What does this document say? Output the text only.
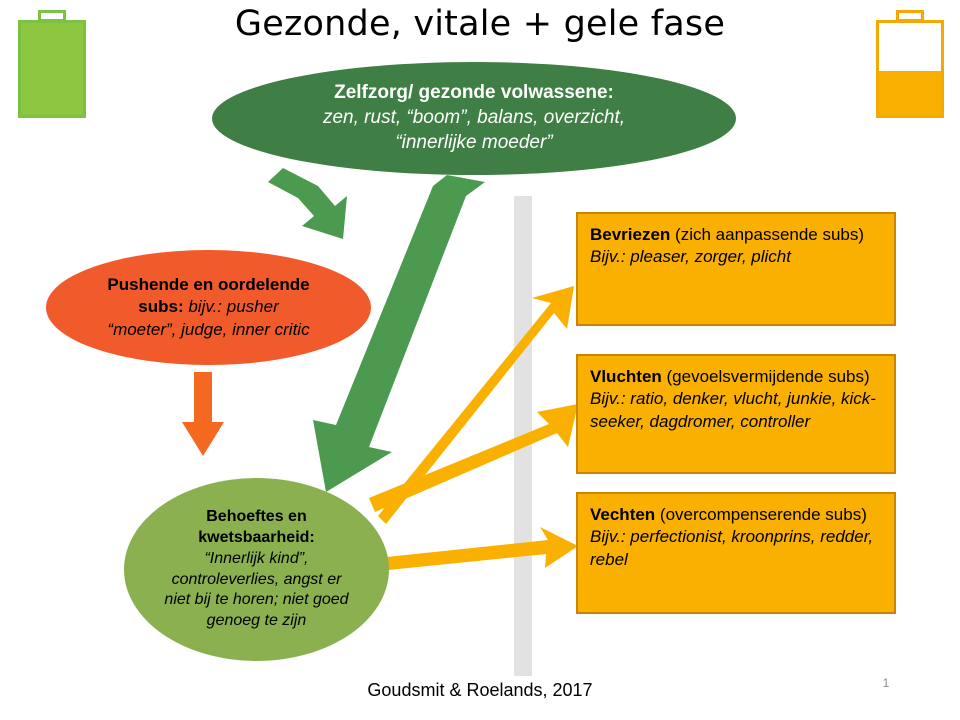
Gezonde, vitale + gele fase
Zelfzorg/ gezonde volwassene:
zen, rust, “boom”, balans, overzicht,
“innerlijke moeder”
Pushende en oordelende
subs: bijv.: pusher
“moeter”, judge, inner critic
Behoeftes en
kwetsbaarheid:
“Innerlijk kind”,
controleverlies, angst er
niet bij te horen; niet goed
genoeg te zijn
Bevriezen (zich aanpassende subs) Bijv.: pleaser, zorger, plicht
Vluchten (gevoelsvermijdende subs) Bijv.: ratio, denker, vlucht, junkie, kick-seeker, dagdromer, controller
Vechten (overcompenserende subs)
Bijv.: perfectionist, kroonprins, redder, rebel
Goudsmit & Roelands, 2017	1
